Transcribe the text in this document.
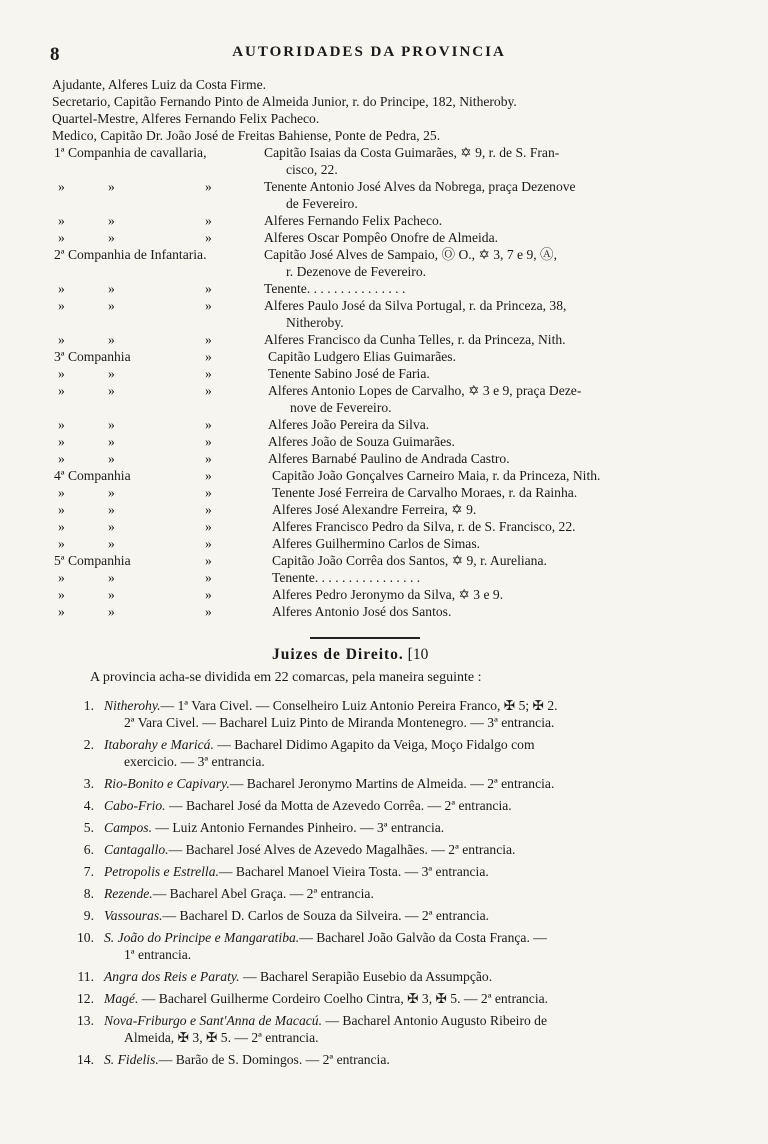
8	AUTORIDADES DA PROVINCIA
Ajudante, Alferes Luiz da Costa Firme.
Secretario, Capitão Fernando Pinto de Almeida Junior, r. do Principe, 182, Nitheroby.
Quartel-Mestre, Alferes Fernando Felix Pacheco.
Medico, Capitão Dr. João José de Freitas Bahiense, Ponte de Pedra, 25.
1ª Companhia de cavallaria,	Capitão Isaias da Costa Guimarães, ✡ 9, r. de S. Fran-
cisco, 22.
»	»	»	Tenente Antonio José Alves da Nobrega, praça Dezenove
de Fevereiro.
»	»	»	Alferes Fernando Felix Pacheco.
»	»	»	Alferes Oscar Pompêo Onofre de Almeida.
2ª Companhia de Infantaria.	Capitão José Alves de Sampaio, Ⓞ O., ✡ 3, 7 e 9, Ⓐ,
r. Dezenove de Fevereiro.
»	»	»	Tenente. . . . . . . . . . . . . . .
»	»	»	Alferes Paulo José da Silva Portugal, r. da Princeza, 38,
Nitheroby.
»	»	»	Alferes Francisco da Cunha Telles, r. da Princeza, Nith.
3ª Companhia	»	Capitão Ludgero Elias Guimarães.
»	»	»	Tenente Sabino José de Faria.
»	»	»	Alferes Antonio Lopes de Carvalho, ✡ 3 e 9, praça Deze-
nove de Fevereiro.
»	»	»	Alferes João Pereira da Silva.
»	»	»	Alferes João de Souza Guimarães.
»	»	»	Alferes Barnabé Paulino de Andrada Castro.
4ª Companhia	»	Capitão João Gonçalves Carneiro Maia, r. da Princeza, Nith.
»	»	»	Tenente José Ferreira de Carvalho Moraes, r. da Rainha.
»	»	»	Alferes José Alexandre Ferreira, ✡ 9.
»	»	»	Alferes Francisco Pedro da Silva, r. de S. Francisco, 22.
»	»	»	Alferes Guilhermino Carlos de Simas.
5ª Companhia	»	Capitão João Corrêa dos Santos, ✡ 9, r. Aureliana.
»	»	»	Tenente. . . . . . . . . . . . . . . .
»	»	»	Alferes Pedro Jeronymo da Silva, ✡ 3 e 9.
»	»	»	Alferes Antonio José dos Santos.
Juizes de Direito. [10
A provincia acha-se dividida em 22 comarcas, pela maneira seguinte :
1. Nitherohy.— 1ª Vara Civel. — Conselheiro Luiz Antonio Pereira Franco, ✠ 5; ✠ 2.
2ª Vara Civel. — Bacharel Luiz Pinto de Miranda Montenegro. — 3ª entrancia.
2. Itaborahy e Maricá. — Bacharel Didimo Agapito da Veiga, Moço Fidalgo com
exercicio. — 3ª entrancia.
3. Rio-Bonito e Capivary.— Bacharel Jeronymo Martins de Almeida. — 2ª entrancia.
4. Cabo-Frio. — Bacharel José da Motta de Azevedo Corrêa. — 2ª entrancia.
5. Campos. — Luiz Antonio Fernandes Pinheiro. — 3ª entrancia.
6. Cantagallo.— Bacharel José Alves de Azevedo Magalhães. — 2ª entrancia.
7. Petropolis e Estrella.— Bacharel Manoel Vieira Tosta. — 3ª entrancia.
8. Rezende.— Bacharel Abel Graça. — 2ª entrancia.
9. Vassouras.— Bacharel D. Carlos de Souza da Silveira. — 2ª entrancia.
10. S. João do Principe e Mangaratiba.— Bacharel João Galvão da Costa França. —
1ª entrancia.
11. Angra dos Reis e Paraty. — Bacharel Serapião Eusebio da Assumpção.
12. Magé. — Bacharel Guilherme Cordeiro Coelho Cintra, ✠ 3, ✠ 5. — 2ª entrancia.
13. Nova-Friburgo e Sant'Anna de Macacú. — Bacharel Antonio Augusto Ribeiro de
Almeida, ✠ 3, ✠ 5. — 2ª entrancia.
14. S. Fidelis.— Barão de S. Domingos. — 2ª entrancia.
